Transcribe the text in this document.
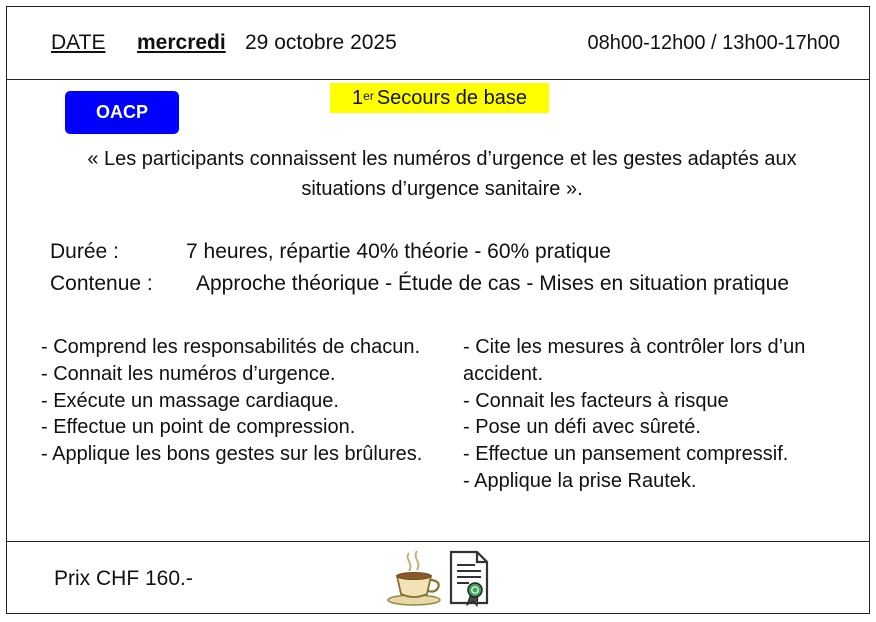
DATE mercredi 29 octobre 2025	08h00-12h00 / 13h00-17h00
OACP
1er Secours de base
« Les participants connaissent les numéros d’urgence et les gestes adaptés aux situations d’urgence sanitaire ».
Durée :	7 heures, répartie 40% théorie - 60% pratique
Contenue : Approche théorique - Étude de cas - Mises en situation pratique
- Comprend les responsabilités de chacun.
- Connait les numéros d’urgence.
- Exécute un massage cardiaque.
- Effectue un point de compression.
- Applique les bons gestes sur les brûlures.
- Cite les mesures à contrôler lors d’un accident.
- Connait les facteurs à risque
- Pose un défi avec sûreté.
- Effectue un pansement compressif.
- Applique la prise Rautek.
Prix CHF 160.-
